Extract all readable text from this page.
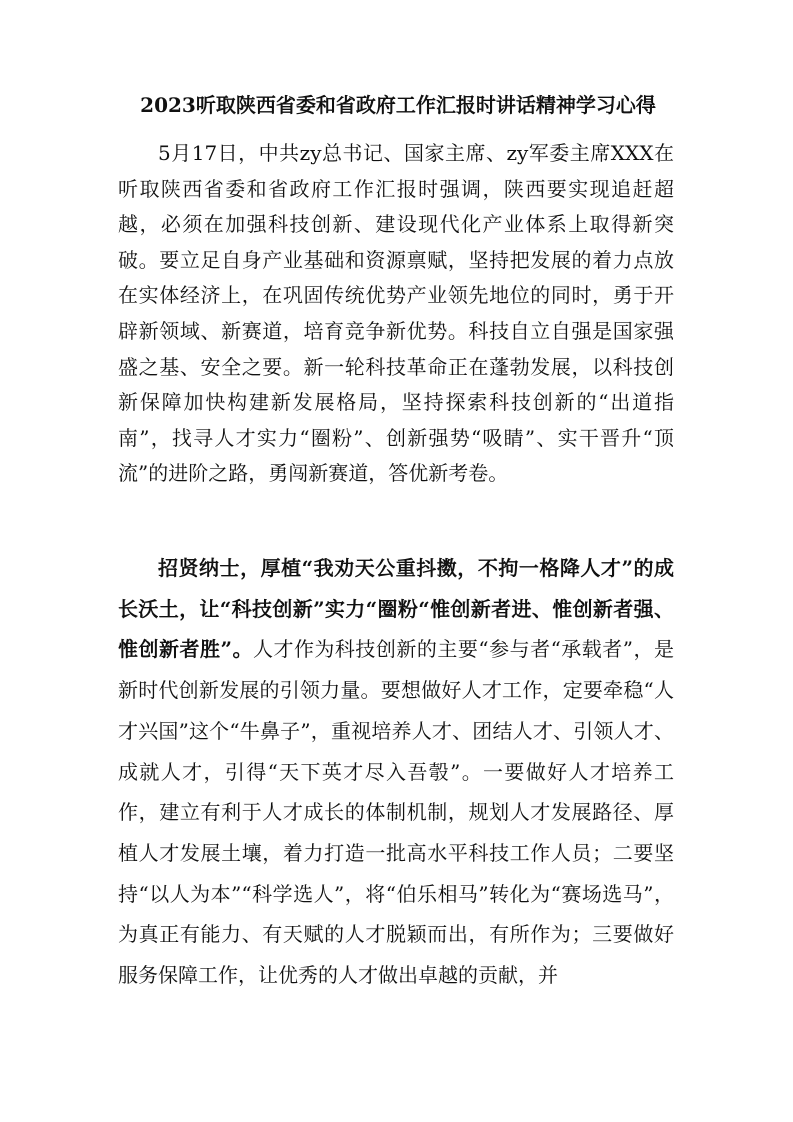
2023听取陕西省委和省政府工作汇报时讲话精神学习心得
5月17日，中共zy总书记、国家主席、zy军委主席XXX在听取陕西省委和省政府工作汇报时强调，陕西要实现追赶超越，必须在加强科技创新、建设现代化产业体系上取得新突破。要立足自身产业基础和资源禀赋，坚持把发展的着力点放在实体经济上，在巩固传统优势产业领先地位的同时，勇于开辟新领域、新赛道，培育竞争新优势。科技自立自强是国家强盛之基、安全之要。新一轮科技革命正在蓬勃发展，以科技创新保障加快构建新发展格局，坚持探索科技创新的“出道指南”，找寻人才实力“圈粉”、创新强势“吸睛”、实干晋升“顶流”的进阶之路，勇闯新赛道，答优新考卷。
招贤纳士，厚植“我劝天公重抖擞，不拘一格降人才”的成长沃土，让“科技创新”实力“圈粉“惟创新者进、惟创新者强、惟创新者胜”。人才作为科技创新的主要“参与者“承载者”，是新时代创新发展的引领力量。要想做好人才工作，定要牵稳“人才兴国”这个“牛鼻子”，重视培养人才、团结人才、引领人才、成就人才，引得“天下英才尽入吾彀”。一要做好人才培养工作，建立有利于人才成长的体制机制，规划人才发展路径、厚植人才发展土壤，着力打造一批高水平科技工作人员；二要坚持“以人为本”“科学选人”，将“伯乐相马”转化为“赛场选马”，为真正有能力、有天赋的人才脱颖而出，有所作为；三要做好服务保障工作，让优秀的人才做出卓越的贡献，并
